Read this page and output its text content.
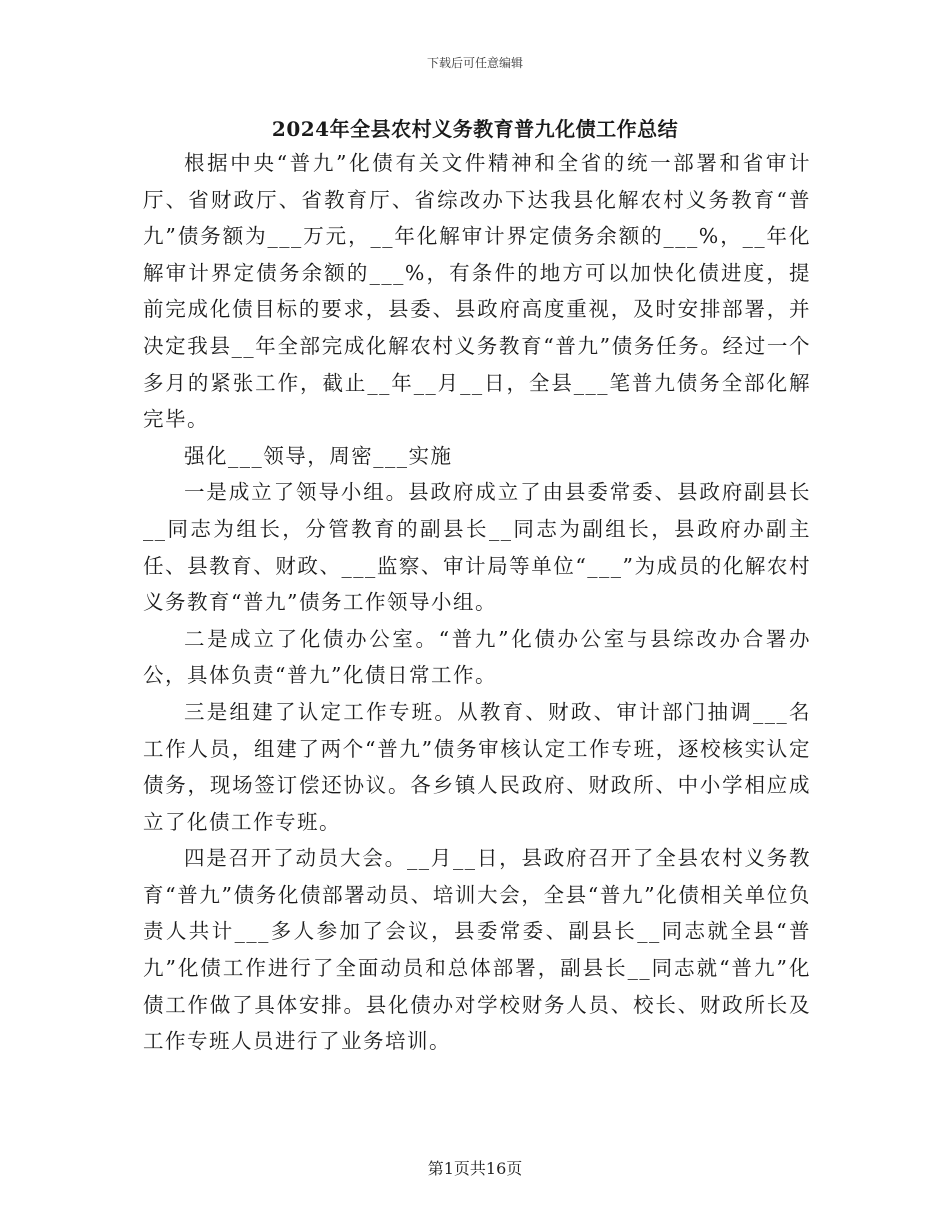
下载后可任意编辑
2024年全县农村义务教育普九化债工作总结

根据中央“普九”化债有关文件精神和全省的统一部署和省审计厅、省财政厅、省教育厅、省综改办下达我县化解农村义务教育“普九”债务额为___万元，__年化解审计界定债务余额的___%，__年化解审计界定债务余额的___%，有条件的地方可以加快化债进度，提前完成化债目标的要求，县委、县政府高度重视，及时安排部署，并决定我县__年全部完成化解农村义务教育“普九”债务任务。经过一个多月的紧张工作，截止__年__月__日，全县___笔普九债务全部化解完毕。

强化___领导，周密___实施

一是成立了领导小组。县政府成立了由县委常委、县政府副县长__同志为组长，分管教育的副县长__同志为副组长，县政府办副主任、县教育、财政、___监察、审计局等单位“___”为成员的化解农村义务教育“普九”债务工作领导小组。

二是成立了化债办公室。“普九”化债办公室与县综改办合署办公，具体负责“普九”化债日常工作。

三是组建了认定工作专班。从教育、财政、审计部门抽调___名工作人员，组建了两个“普九”债务审核认定工作专班，逐校核实认定债务，现场签订偿还协议。各乡镇人民政府、财政所、中小学相应成立了化债工作专班。

四是召开了动员大会。__月__日，县政府召开了全县农村义务教育“普九”债务化债部署动员、培训大会，全县“普九”化债相关单位负责人共计___多人参加了会议，县委常委、副县长__同志就全县“普九”化债工作进行了全面动员和总体部署，副县长__同志就“普九”化债工作做了具体安排。县化债办对学校财务人员、校长、财政所长及工作专班人员进行了业务培训。

第1页共16页
